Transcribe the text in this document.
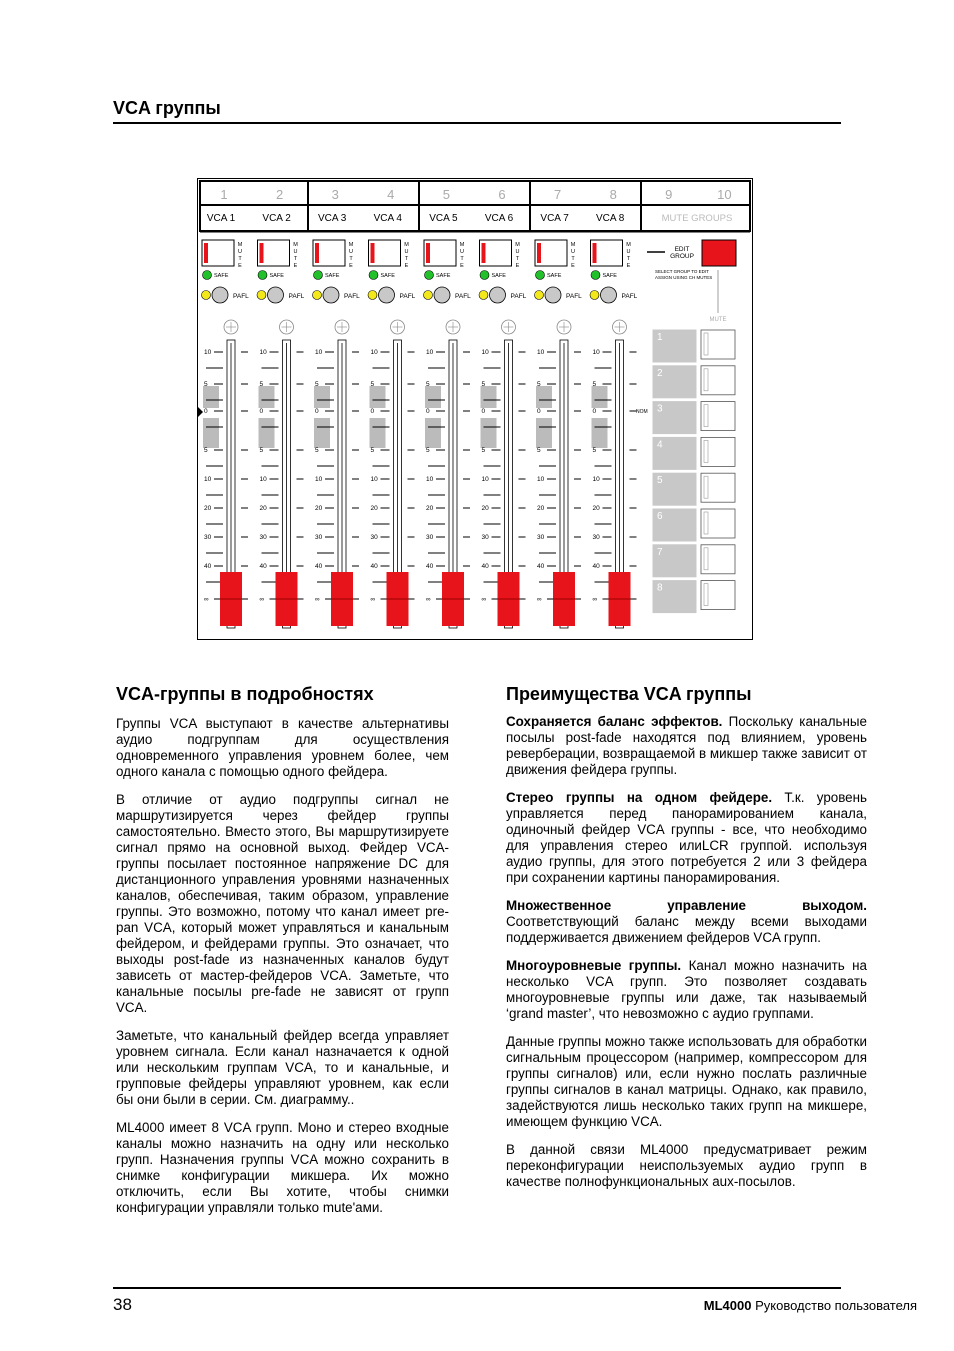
VCA группы
1	2	3	4	5	6	7	8	9	10
VCA 1	VCA 2	VCA 3	VCA 4	VCA 5	VCA 6	VCA 7	VCA 8	MUTE GROUPS
M
U
T
E
SAFE
PAFL
10
5
0
5
10
20
30
40
∞
M
U
T
E
SAFE
PAFL
10
5
0
5
10
20
30
40
∞
M
U
T
E
SAFE
PAFL
10
5
0
5
10
20
30
40
∞
M
U
T
E
SAFE
PAFL
10
5
0
5
10
20
30
40
∞
M
U
T
E
SAFE
PAFL
10
5
0
5
10
20
30
40
∞
M
U
T
E
SAFE
PAFL
10
5
0
5
10
20
30
40
∞
M
U
T
E
SAFE
PAFL
10
5
0
5
10
20
30
40
∞
M
U
T
E
SAFE
PAFL
10
5
0
5
10
20
30
40
∞
NOM
EDIT
GROUP
SELECT GROUP TO EDIT
ASSIGN USING CH MUTES
MUTE
1
2
3
4
5
6
7
8
VCA-группы в подробностях

Группы VCA выступают в качестве альтернативы аудио подгруппам для осуществления одновременного управления уровнем более, чем одного канала с помощью одного фейдера.

В отличие от аудио подгруппы сигнал не маршрутизируется через фейдер группы самостоятельно. Вместо этого, Вы маршрутизируете сигнал прямо на основной выход. Фейдер VCA-группы посылает постоянное напряжение DC для дистанционного управления уровнями назначенных каналов, обеспечивая, таким образом, управление группы. Это возможно, потому что канал имеет pre-pan VCA, который может управляться и канальным фейдером, и фейдерами группы. Это означает, что выходы post-fade из назначенных каналов будут зависеть от мастер-фейдеров VCA. Заметьте, что канальные посылы pre-fade не зависят от групп VCA.

Заметьте, что канальный фейдер всегда управляет уровнем сигнала. Если канал назначается к одной или нескольким группам VCA, то и канальные, и групповые фейдеры управляют уровнем, как если бы они были в серии. См. диаграмму..

ML4000 имеет 8 VCA групп. Моно и стерео входные каналы можно назначить на одну или несколько групп. Назначения группы VCA можно сохранить в снимке конфигурации микшера. Их можно отключить, если Вы хотите, чтобы снимки конфигурации управляли только mute'ами.

Преимущества VCA группы

Сохраняется баланс эффектов. Поскольку канальные посылы post-fade находятся под влиянием, уровень реверберации, возвращаемой в микшер также зависит от движения фейдера группы.

Стерео группы на одном фейдере. Т.к. уровень управляется перед панорамированием канала, одиночный фейдер VCA группы - все, что необходимо для управления стерео илиLCR группой. используя аудио группы, для этого потребуется 2 или 3 фейдера при сохранении картины панорамирования.

Множественное управление выходом. Соответствующий баланс между всеми выходами поддерживается движением фейдеров VCA групп.

Многоуровневые группы. Канал можно назначить на несколько VCA групп. Это позволяет создавать многоуровневые группы или даже, так называемый ‘grand master’, что невозможно с аудио группами.

Данные группы можно также использовать для обработки сигнальным процессором (например, компрессором для группы сигналов) или, если нужно послать различные группы сигналов в канал матрицы. Однако, как правило, задействуются лишь несколько таких групп на микшере, имеющем функцию VCA.

В данной связи ML4000 предусматривает режим переконфигурации неиспользуемых аудио групп в качестве полнофункциональных aux-посылов.

38	ML4000 Руководство пользователя
